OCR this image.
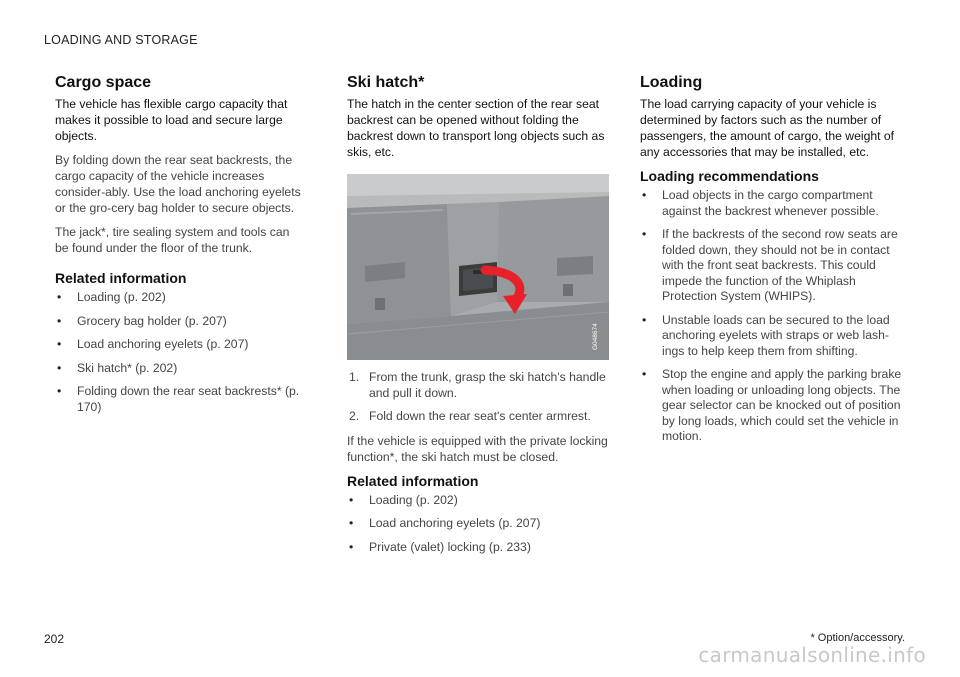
LOADING AND STORAGE
Cargo space

The vehicle has flexible cargo capacity that makes it possible to load and secure large objects.

By folding down the rear seat backrests, the cargo capacity of the vehicle increases consider-ably. Use the load anchoring eyelets or the gro-cery bag holder to secure objects.

The jack*, tire sealing system and tools can be found under the floor of the trunk.

Related information
• Loading (p. 202)
• Grocery bag holder (p. 207)
• Load anchoring eyelets (p. 207)
• Ski hatch* (p. 202)
• Folding down the rear seat backrests* (p. 170)
Ski hatch*

The hatch in the center section of the rear seat backrest can be opened without folding the backrest down to transport long objects such as skis, etc.

G048674
1. From the trunk, grasp the ski hatch's handle and pull it down.
2. Fold down the rear seat's center armrest.

If the vehicle is equipped with the private locking function*, the ski hatch must be closed.

Related information
• Loading (p. 202)
• Load anchoring eyelets (p. 207)
• Private (valet) locking (p. 233)
Loading

The load carrying capacity of your vehicle is determined by factors such as the number of passengers, the amount of cargo, the weight of any accessories that may be installed, etc.

Loading recommendations
• Load objects in the cargo compartment against the backrest whenever possible.
• If the backrests of the second row seats are folded down, they should not be in contact with the front seat backrests. This could impede the function of the Whiplash Protection System (WHIPS).
• Unstable loads can be secured to the load anchoring eyelets with straps or web lash-ings to help keep them from shifting.
• Stop the engine and apply the parking brake when loading or unloading long objects. The gear selector can be knocked out of position by long loads, which could set the vehicle in motion.
202	* Option/accessory.
carmanualsonline.info
